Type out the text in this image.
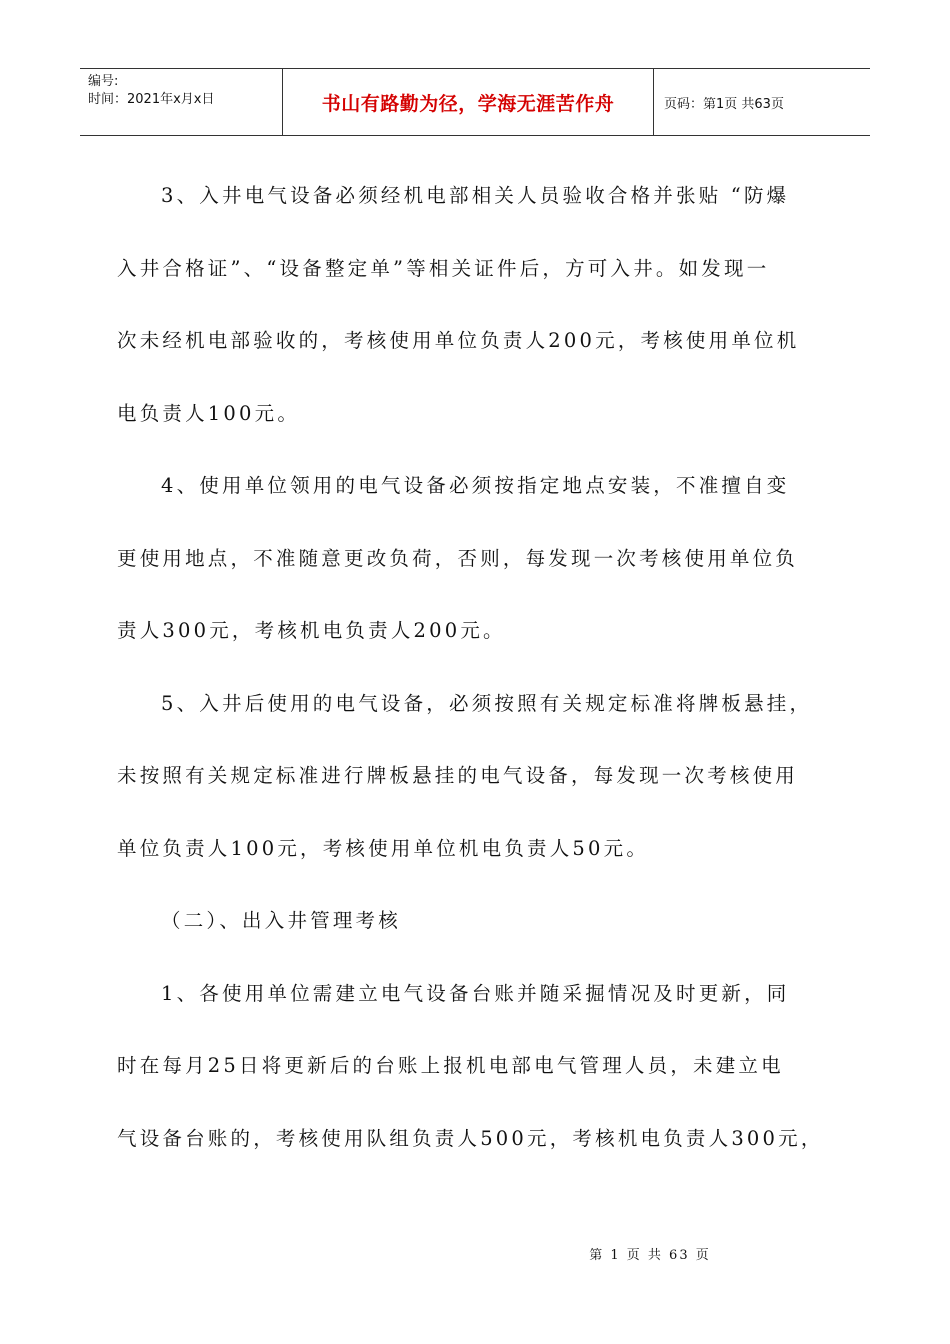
编号:
时间：2021年x月x日	书山有路勤为径，学海无涯苦作舟	页码：第1页 共63页

3、入井电气设备必须经机电部相关人员验收合格并张贴 “防爆

入井合格证”、“设备整定单”等相关证件后，方可入井。如发现一

次未经机电部验收的，考核使用单位负责人200元，考核使用单位机

电负责人100元。

4、使用单位领用的电气设备必须按指定地点安装，不准擅自变

更使用地点，不准随意更改负荷，否则，每发现一次考核使用单位负

责人300元，考核机电负责人200元。

5、入井后使用的电气设备，必须按照有关规定标准将牌板悬挂，

未按照有关规定标准进行牌板悬挂的电气设备，每发现一次考核使用

单位负责人100元，考核使用单位机电负责人50元。

（二）、出入井管理考核

1、各使用单位需建立电气设备台账并随采掘情况及时更新，同

时在每月25日将更新后的台账上报机电部电气管理人员，未建立电

气设备台账的，考核使用队组负责人500元，考核机电负责人300元，

第 1 页 共 63 页
